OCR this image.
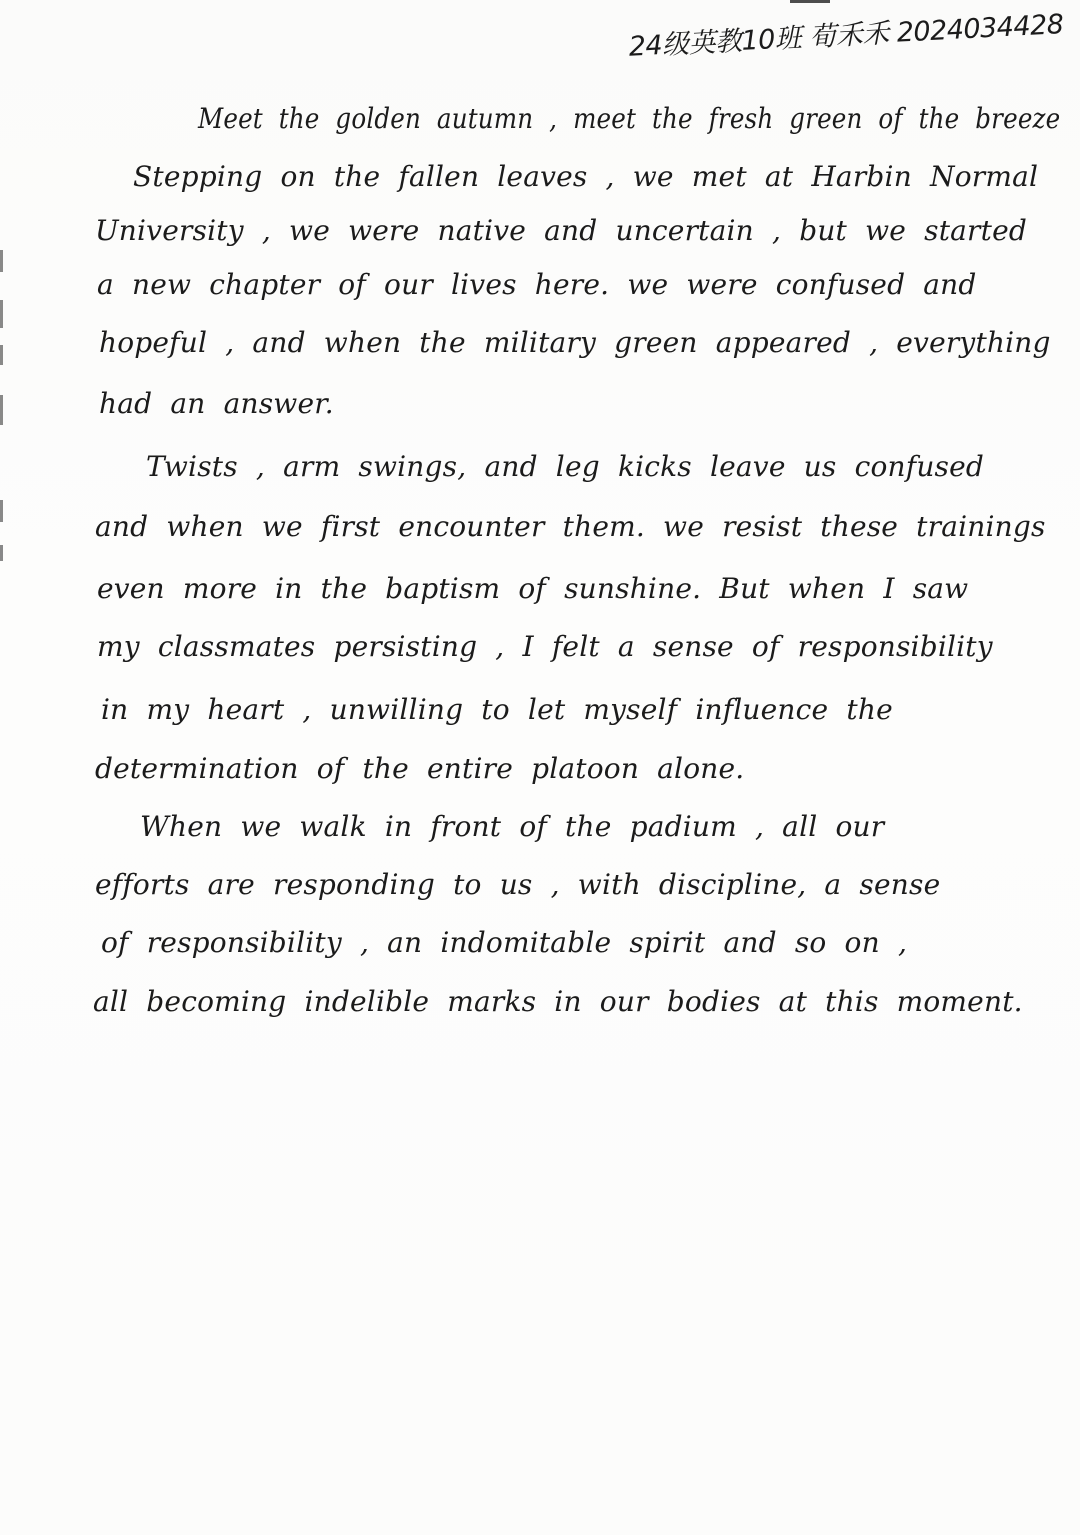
24级英教10班 荀禾禾 2024034428
Meet the golden autumn , meet the fresh green of the breeze
Stepping on the fallen leaves , we met at Harbin Normal
University , we were native and uncertain , but we started
a new chapter of our lives here. we were confused and
hopeful , and when the military green appeared , everything
had an answer.
Twists , arm swings, and leg kicks leave us confused
and when we first encounter them. we resist these trainings
even more in the baptism of sunshine. But when I saw
my classmates persisting , I felt a sense of responsibility
in my heart , unwilling to let myself influence the
determination of the entire platoon alone.
When we walk in front of the padium , all our
efforts are responding to us , with discipline, a sense
of responsibility , an indomitable spirit and so on ,
all becoming indelible marks in our bodies at this moment.
